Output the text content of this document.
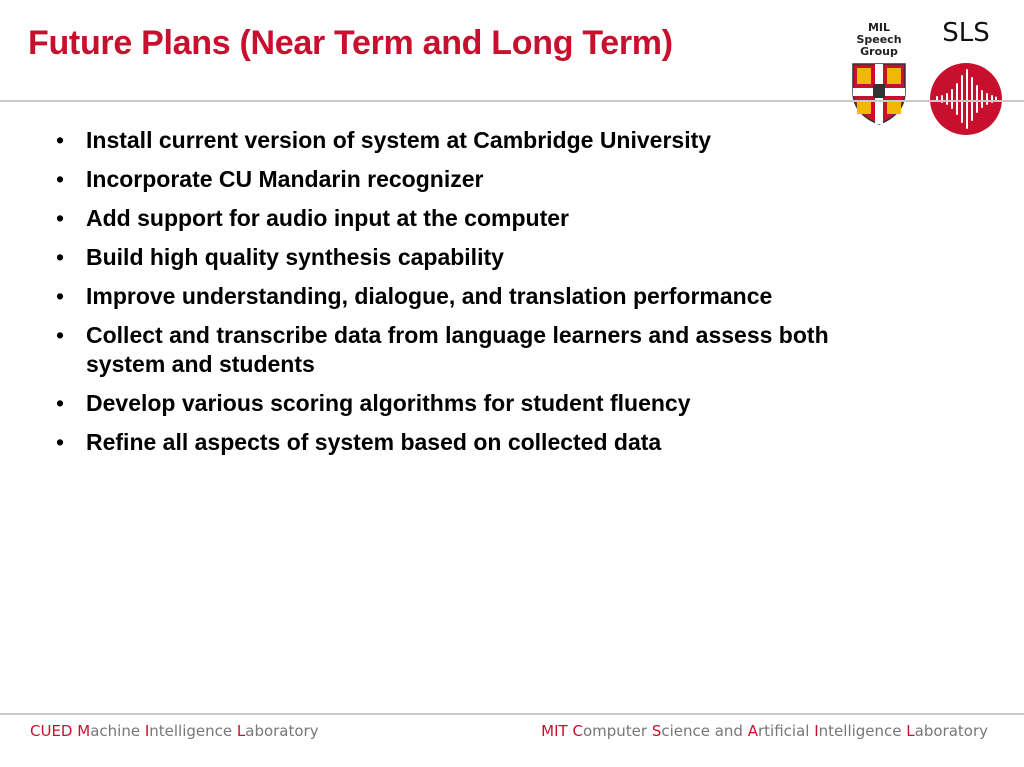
Future Plans (Near Term and Long Term)	MIL
Speech
Group
SLS
• Install current version of system at Cambridge University
• Incorporate CU Mandarin recognizer
• Add support for audio input at the computer
• Build high quality synthesis capability
• Improve understanding, dialogue, and translation performance
• Collect and transcribe data from language learners and assess both system and students
• Develop various scoring algorithms for student fluency
• Refine all aspects of system based on collected data
CUED Machine Intelligence Laboratory	MIT Computer Science and Artificial Intelligence Laboratory
